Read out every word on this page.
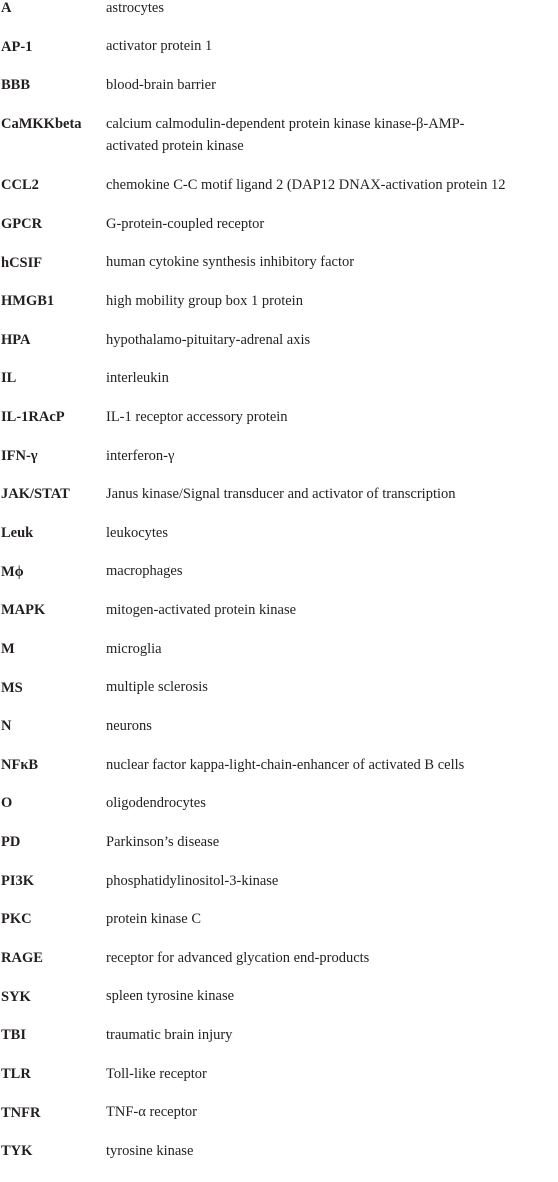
A	astrocytes
AP-1	activator protein 1
BBB	blood-brain barrier
CaMKKbeta	calcium calmodulin-dependent protein kinase kinase-β-AMP-activated protein kinase
CCL2	chemokine C-C motif ligand 2 (DAP12 DNAX-activation protein 12
GPCR	G-protein-coupled receptor
hCSIF	human cytokine synthesis inhibitory factor
HMGB1	high mobility group box 1 protein
HPA	hypothalamo-pituitary-adrenal axis
IL	interleukin
IL-1RAcP	IL-1 receptor accessory protein
IFN-γ	interferon-γ
JAK/STAT	Janus kinase/Signal transducer and activator of transcription
Leuk	leukocytes
Mϕ	macrophages
MAPK	mitogen-activated protein kinase
M	microglia
MS	multiple sclerosis
N	neurons
NFκB	nuclear factor kappa-light-chain-enhancer of activated B cells
O	oligodendrocytes
PD	Parkinson’s disease
PI3K	phosphatidylinositol-3-kinase
PKC	protein kinase C
RAGE	receptor for advanced glycation end-products
SYK	spleen tyrosine kinase
TBI	traumatic brain injury
TLR	Toll-like receptor
TNFR	TNF-α receptor
TYK	tyrosine kinase
